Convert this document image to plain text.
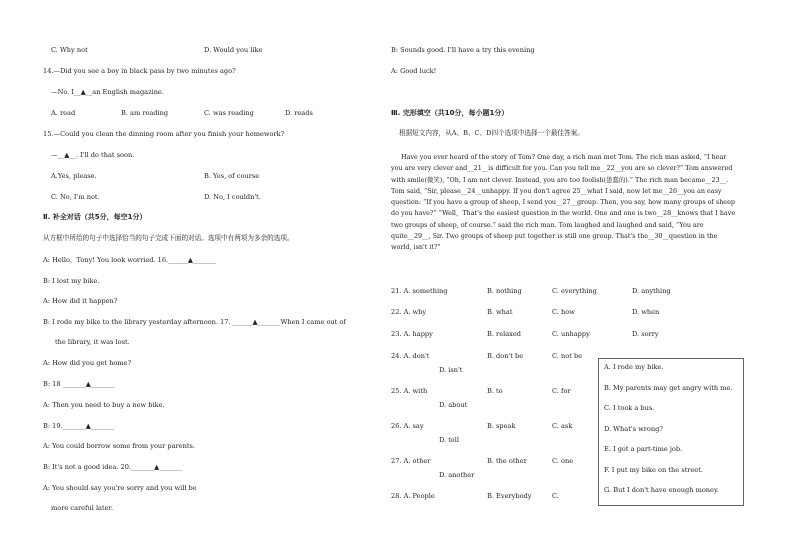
C. Why not	D. Would you like
14.—Did you see a boy in black pass by two minutes ago?
—No. I__▲__an English magazine.
A. read	B. am reading	C. was reading	D. reads
15.—Could you clean the dinning room after you finish your homework?
—__▲__. I'll do that soon.
A.Yes, please.	B. Yes, of course
C. No, I'm not.	D. No, I couldn't.
Ⅱ. 补全对话（共5分，每空1分）
从方框中所给的句子中选择恰当的句子完成下面的对话。选项中有两项为多余的选项。
A: Hello，Tony! You look worried. 16.______▲_______
B: I lost my bike.
A: How did it happen?
B: I rode my bike to the library yesterday afternoon. 17. ______▲_______When I came out of
the library, it was lost.
A: How did you get home?
B: 18 _______▲_______
A: Then you need to buy a new bike.
B: 19._______▲_______
A: You could borrow some from your parents.
B: It's not a good idea. 20._______▲_______
A: You should say you're sorry and you will be
more careful later.
B: Sounds good. I'll have a try this evening
A: Good luck!
Ⅲ. 完形填空（共10分，每小题1分）
根据短文内容，从A、B、C、D四个选项中选择一个最佳答案。
Have you ever heard of the story of Tom? One day, a rich man met Tom. The rich man asked, “I hear you are very clever and__21__is difficult for you. Can you tell me__22__you are so clever?” Tom answered with smile(微笑), “Oh, I am not clever. Instead, you are too foolish(愚蠢的).” The rich man became__23__. Tom said, “Sir, please__24__unhappy. If you don't agree 25__what I said, now let me__26__you an easy question: “If you have a group of sheep, I send you__27__group. Then, you say, how many groups of sheep do you have?” “Well，That's the easiest question in the world. One and one is two__28__knows that I have two groups of sheep, of course.” said the rich man. Tom laughed and laughed and said, “You are quite__29__, Sir. Two groups of sheep put together is still one group. That's the__30__question in the world, isn't it?”
21. A. something	B. nothing	C. everything	D. anything
22. A. why	B. what	C. how	D. when
23. A. happy	B. relaxed	C. unhappy	D. sorry
24. A. don't	B. don't be	C. not be
D. isn't
25. A. with	B. to	C. for
D. about
26. A. say	B. speak	C. ask
D. tell
27. A. other	B. the other	C. one
D. another
28. A. People	B. Everybody	C.
A. I rode my bike.
B. My parents may get angry with me.
C. I took a bus.
D. What's wrong?
E. I got a part-time job.
F. I put my bike on the street.
G. But I don't have enough money.
